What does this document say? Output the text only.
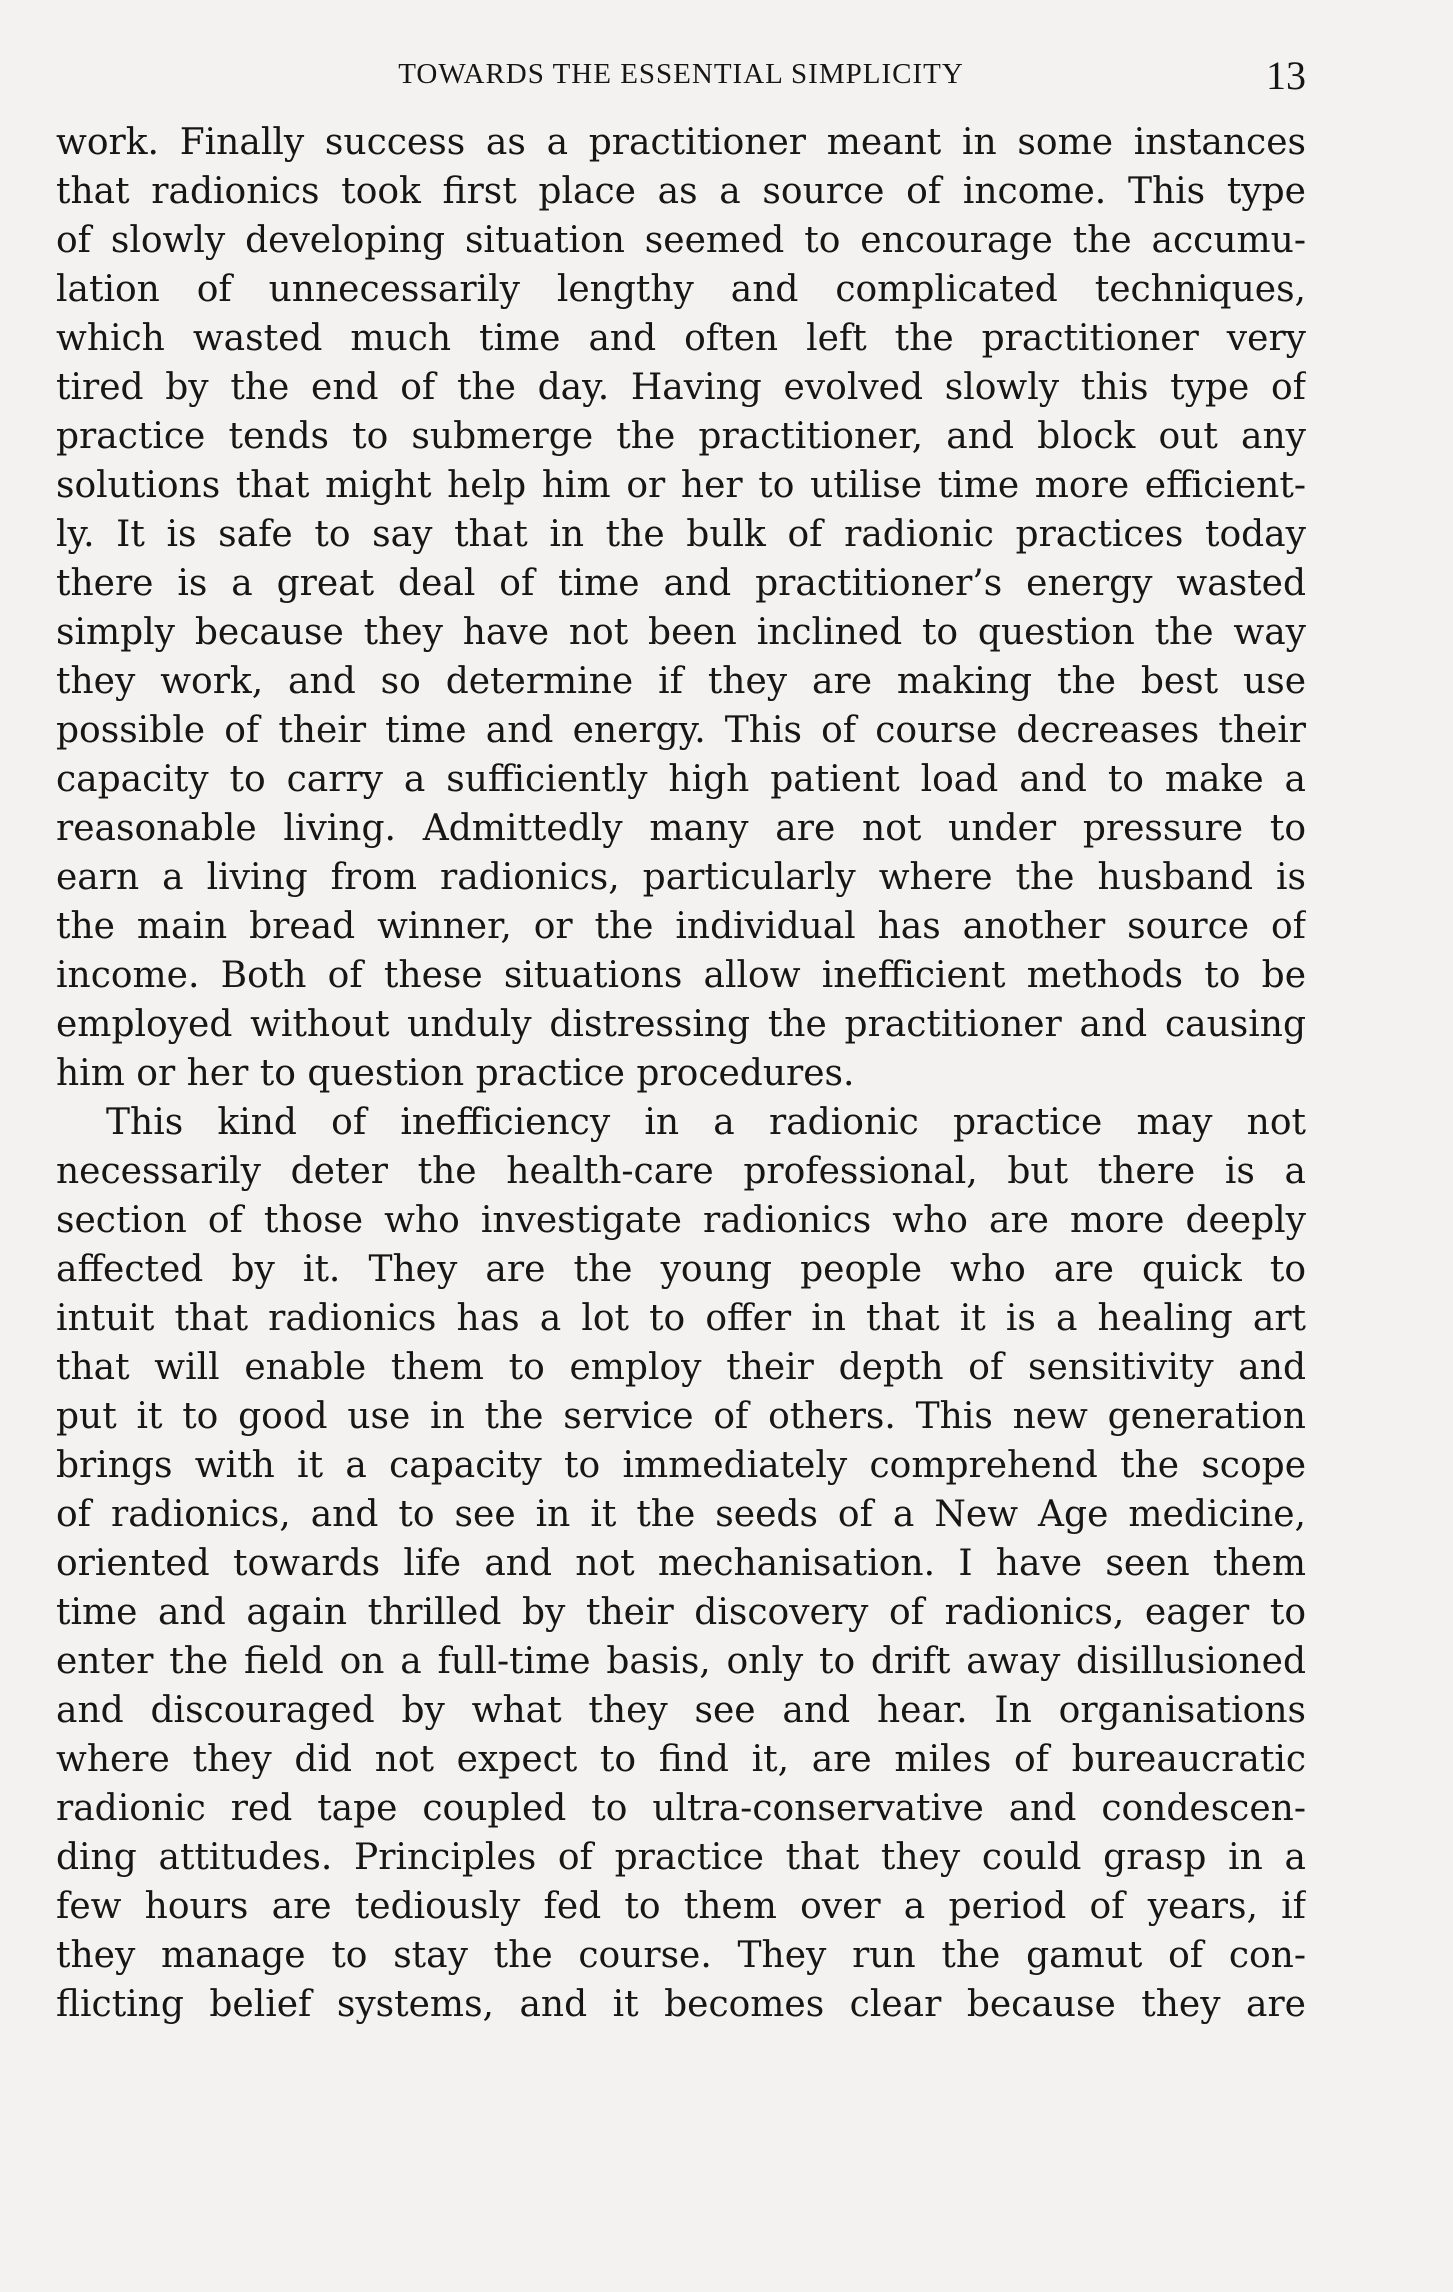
TOWARDS THE ESSENTIAL SIMPLICITY	13
work. Finally success as a practitioner meant in some instances
that radionics took first place as a source of income. This type
of slowly developing situation seemed to encourage the accumu-
lation of unnecessarily lengthy and complicated techniques,
which wasted much time and often left the practitioner very
tired by the end of the day. Having evolved slowly this type of
practice tends to submerge the practitioner, and block out any
solutions that might help him or her to utilise time more efficient-
ly. It is safe to say that in the bulk of radionic practices today
there is a great deal of time and practitioner’s energy wasted
simply because they have not been inclined to question the way
they work, and so determine if they are making the best use
possible of their time and energy. This of course decreases their
capacity to carry a sufficiently high patient load and to make a
reasonable living. Admittedly many are not under pressure to
earn a living from radionics, particularly where the husband is
the main bread winner, or the individual has another source of
income. Both of these situations allow inefficient methods to be
employed without unduly distressing the practitioner and causing
him or her to question practice procedures.
This kind of inefficiency in a radionic practice may not
necessarily deter the health-care professional, but there is a
section of those who investigate radionics who are more deeply
affected by it. They are the young people who are quick to
intuit that radionics has a lot to offer in that it is a healing art
that will enable them to employ their depth of sensitivity and
put it to good use in the service of others. This new generation
brings with it a capacity to immediately comprehend the scope
of radionics, and to see in it the seeds of a New Age medicine,
oriented towards life and not mechanisation. I have seen them
time and again thrilled by their discovery of radionics, eager to
enter the field on a full-time basis, only to drift away disillusioned
and discouraged by what they see and hear. In organisations
where they did not expect to find it, are miles of bureaucratic
radionic red tape coupled to ultra-conservative and condescen-
ding attitudes. Principles of practice that they could grasp in a
few hours are tediously fed to them over a period of years, if
they manage to stay the course. They run the gamut of con-
flicting belief systems, and it becomes clear because they are
